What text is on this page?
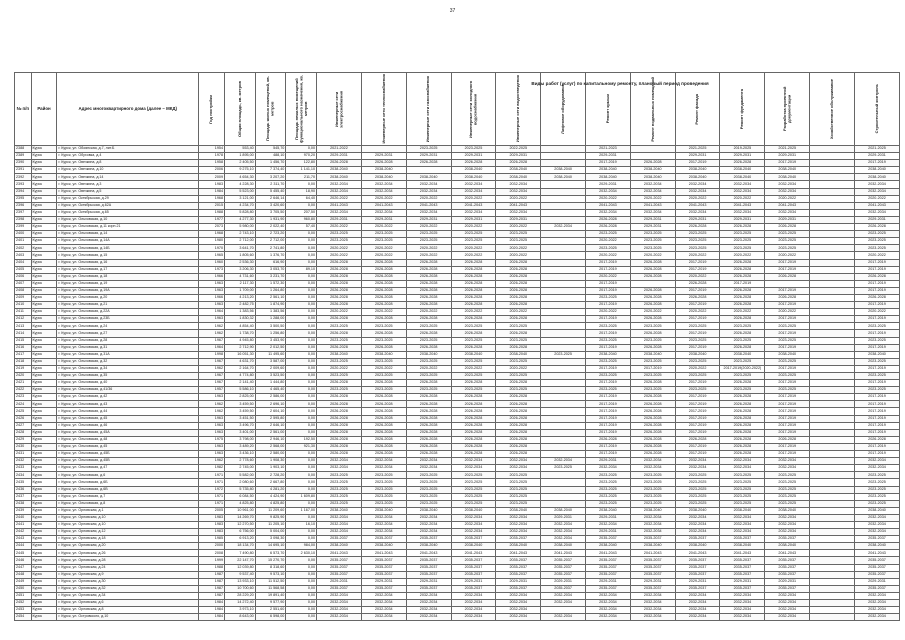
37
№ п/п	Район	Адрес многоквартирного дома (далее – МКД)	Год постройки	Общая площадь, кв. метров	Площадь жилых помещений, кв. метров	Площадь нежилых помещений функционального назначения, кв. метров	Инженерные сети электроснабжения	Инженерные сети теплоснабжения	Инженерные сети газоснабжения	Инженерные сети холодного водоснабжения	Инженерные сети водоотведения	Лифтовое оборудование	Ремонт крыши	Ремонт подвальных помещений	Ремонт фасада	Ремонт фундамента	Разработка проектной документации	Хозяйственное обслуживание	Строительный контроль

2388	Курск	г. Курск, ул. Обоянская, д.7, лит.Б	1954	553,40	545,70	0,00	2021-2022		2023-2025	2023-2025	2022-2025		2021-2023		2021-2025	2019-2025	2021-2025		2021-2025
2389	Курск	г. Курск, ул. Обуховка, д.4	1978	1 895,00	488,10	970,20	2029-2031	2029-2031	2029-2031	2029-2031	2029-2031		2029-2031		2029-2031	2029-2031	2029-2031		2029-2031
2390	Курск	г. Курск, ул. Овечкина, д.8	1958	2 405,50	1 456,70	122,80	2026-2028	2026-2028	2026-2028	2026-2028	2026-2028		2017-2019	2026-2028	2017-2019	2026-2028	2017-2019		2017-2019
2391	Курск	г. Курск, ул. Овечкина, д.10	2006	9 275,10	7 374,40	1 141,10	2038-2040	2038-2040		2038-2040	2038-2040	2038-2040	2038-2040	2038-2040	2038-2040	2038-2040	2038-2040		2038-2040
2392	Курск	г. Курск, ул. Овечкина, д.14	2009	4 654,30	3 207,20	211,70	2038-2040	2038-2040	2038-2040	2038-2040	2038-2040	2038-2040	2038-2040	2038-2040	2038-2040	2038-2040	2038-2040		2038-2040
2393	Курск	г. Курск, ул. Овечкина, д.3	1983	4 228,30	2 311,70	0,00	2032-2034	2032-2034	2032-2034	2032-2034	2032-2034		2029-2031	2032-2034	2032-2034	2032-2034	2032-2034		2032-2034
2394	Курск	г. Курск, ул. Овечкина, д.5	1984	5 523,00	5 455,40	18,90	2032-2034	2032-2034	2032-2034	2032-2034	2032-2034		2032-2034	2032-2034	2032-2034	2032-2034	2032-2034		2032-2034
2395	Курск	г. Курск, ул. Октябрьская, д.29	1968	3 121,00	2 646,14	64,40	2020-2022	2020-2022	2020-2022	2020-2022	2020-2022		2020-2022	2020-2022	2020-2022	2020-2022	2020-2022		2020-2022
2396	Курск	г. Курск, ул. Октябрьская, д.62А	2015	4 234,70	3 420,60	0,00	2041-2043	2041-2043	2041-2043	2041-2043	2041-2043		2041-2043	2041-2043	2041-2043	2041-2043	2041-2043		2041-2043
2397	Курск	г. Курск, ул. Октябрьская, д.65	1988	5 828,80	3 705,50	207,50	2032-2034	2032-2034	2032-2034	2032-2034	2032-2034		2032-2034	2032-2034	2032-2034	2032-2034	2032-2034		2032-2034
2398	Курск	г. Курск, ул. Ольховская, д.10	1977	4 277,30	1 931,90	960,80	2029-2031	2029-2031	2029-2031	2029-2031	2029-2031		2026-2028	2029-2031	2029-2031	2029-2031	2029-2031		2029-2031
2399	Курск	г. Курск, ул. Ольховская, д.11 корп.21	2073	5 980,00	2 022,40	57,40	2020-2022	2020-2022	2020-2022	2020-2022	2020-2022	2032-2034	2026-2028	2029-2031	2026-2028	2026-2028	2026-2028		2026-2028
2400	Курск	г. Курск, ул. Ольховская, д.14	1968	2 743,10	2 723,20	0,00	2023-2025	2023-2025	2023-2025	2023-2025	2023-2025		2023-2025	2023-2025	2023-2025	2023-2025	2023-2025		2023-2025
2401	Курск	г. Курск, ул. Ольховская, д.14А	1980	2 712,00	2 712,00	0,00	2023-2025	2023-2025	2023-2025	2023-2025	2023-2025		2020-2022	2023-2025	2023-2025	2023-2025	2023-2025		2023-2025
2402	Курск	г. Курск, ул. Ольховская, д.14Б	1970	3 641,70	2 741,80	0,00	2020-2022	2020-2022	2020-2022	2020-2022	2020-2022		2023-2025	2023-2025	2023-2025	2023-2025	2023-2025		2023-2025
2403	Курск	г. Курск, ул. Ольховская, д.15	1965	1 805,60	1 376,70	0,00	2020-2022	2020-2022	2020-2022	2020-2022	2020-2022		2020-2022	2020-2022	2020-2022	2020-2022	2020-2022		2020-2022
2404	Курск	г. Курск, ул. Ольховская, д.16	1960	2 536,30	616,90	0,00	2026-2028	2026-2028	2026-2028	2026-2028	2026-2028		2017-2019	2026-2028	2017-2019	2026-2028	2017-2019		2017-2019
2405	Курск	г. Курск, ул. Ольховская, д.17	1973	3 206,30	3 053,70	89,10	2026-2028	2026-2028	2026-2028	2026-2028	2026-2028		2017-2019	2026-2028	2017-2019	2026-2028	2017-2019		2017-2019
2406	Курск	г. Курск, ул. Ольховская, д.18	1966	4 731,60	3 231,70	0,00	2026-2028	2026-2028	2026-2028	2026-2028	2026-2028		2020-2022	2026-2028	2020-2022	2026-2028	2026-2028		2026-2028
2407	Курск	г. Курск, ул. Ольховская, д.19	1963	2 117,30	1 572,30	0,00	2026-2028	2026-2028	2026-2028	2026-2028	2026-2028		2017-2019		2026-2028	2017-2019			2017-2019
2408	Курск	г. Курск, ул. Ольховская, д.19А	1963	1 709,00	1 264,80	0,00	2026-2028	2026-2028	2026-2028	2026-2028	2026-2028		2017-2019	2026-2028	2017-2019	2026-2028	2017-2019		2017-2019
2409	Курск	г. Курск, ул. Ольховская, д.20	1966	4 213,20	2 561,10	0,00	2026-2028	2026-2028	2026-2028	2026-2028	2026-2028		2023-2025	2026-2028	2026-2028	2026-2028	2026-2028		2026-2028
2410	Курск	г. Курск, ул. Ольховская, д.21	1963	2 482,75	1 874,90	0,00	2026-2028	2026-2028	2026-2028	2026-2028	2026-2028		2017-2019	2026-2028	2017-2019	2026-2028	2017-2019		2017-2019
2411	Курск	г. Курск, ул. Ольховская, д.22А	1964	1 383,56	1 383,56	0,00	2020-2022	2020-2022	2020-2022	2020-2022	2020-2022		2020-2022	2020-2022	2020-2022	2020-2022	2020-2022		2020-2022
2412	Курск	г. Курск, ул. Ольховская, д.23Б	1963	1 830,32	1 288,00	0,00	2026-2028	2026-2028	2026-2028	2026-2028	2026-2028		2017-2019	2026-2028	2017-2019	2026-2028	2017-2019		2017-2019
2413	Курск	г. Курск, ул. Ольховская, д.24	1962	4 854,40	3 500,50	0,00	2023-2025	2023-2025	2023-2025	2023-2025	2023-2025		2023-2025	2023-2025	2023-2025	2023-2025	2023-2025		2023-2025
2414	Курск	г. Курск, ул. Ольховская, д.27	1962	1 738,70	1 256,80	0,00	2026-2028	2026-2028	2026-2028	2026-2028	2026-2028		2017-2019	2026-2028	2017-2019	2026-2028	2017-2019		2017-2019
2415	Курск	г. Курск, ул. Ольховская, д.28	1967	4 945,80	3 453,90	0,00	2023-2025	2023-2025	2023-2025	2023-2025	2023-2025		2023-2025	2023-2025	2023-2025	2023-2025	2023-2025		2023-2025
2416	Курск	г. Курск, ул. Ольховская, д.31	1964	2 712,90	2 012,50	0,00	2026-2028	2026-2028	2026-2028	2026-2028	2026-2028		2017-2019	2026-2028	2017-2019	2026-2028	2017-2019		2017-2019
2417	Курск	г. Курск, ул. Ольховская, д.31А	1998	16 051,30	11 495,60	0,00	2038-2040	2038-2040	2038-2040	2038-2040	2038-2040	2023-2025	2038-2040	2038-2040	2038-2040	2038-2040	2038-2040		2038-2040
2418	Курск	г. Курск, ул. Ольховская, д.32	1967	4 631,70	3 587,00	0,00	2023-2025	2023-2025	2023-2025	2023-2025	2023-2025		2023-2025	2023-2025	2023-2025	2023-2025	2023-2025		2023-2025
2419	Курск	г. Курск, ул. Ольховская, д.34	1962	2 164,70	2 009,60	0,00	2020-2022	2020-2022	2020-2022	2020-2022	2020-2022		2017-2019	2017-2019	2020-2022	2017-2019(2020-2022)	2017-2019		2017-2019
2420	Курск	г. Курск, ул. Ольховская, д.35	1967	4 774,80	3 523,50	0,00	2023-2025	2023-2025	2023-2025	2023-2025	2023-2025		2023-2025	2023-2025	2023-2025	2023-2025	2023-2025		2023-2025
2421	Курск	г. Курск, ул. Ольховская, д.40	1967	2 141,40	1 444,80	0,00	2026-2028	2026-2028	2026-2028	2026-2028	2026-2028		2017-2019	2026-2028	2017-2019	2026-2028	2017-2019		2017-2019
2422	Курск	г. Курск, ул. Ольховская, д.41/36	1957	5 586,10	4 465,40	0,00	2023-2025	2023-2025	2023-2025	2023-2025	2023-2025		2023-2025	2023-2025	2023-2025	2023-2025	2023-2025		2023-2025
2423	Курск	г. Курск, ул. Ольховская, д.42	1963	2 825,00	2 586,00	0,00	2026-2028	2026-2028	2026-2028	2026-2028	2026-2028		2017-2019	2026-2028	2017-2019	2026-2028	2017-2019		2017-2019
2424	Курск	г. Курск, ул. Ольховская, д.43	1962	3 459,50	2 696,10	0,00	2026-2028	2026-2028	2026-2028	2026-2028	2026-2028		2017-2019	2026-2028	2017-2019	2026-2028	2017-2019		2017-2019
2425	Курск	г. Курск, ул. Ольховская, д.44	1962	3 459,50	2 604,10	0,00	2026-2028	2026-2028	2026-2028	2026-2028	2026-2028		2017-2019	2026-2028	2017-2019	2026-2028	2017-2019		2017-2019
2426	Курск	г. Курск, ул. Ольховская, д.45	1963	3 451,50	2 595,80	0,00	2026-2028	2026-2028	2026-2028	2026-2028	2026-2028		2017-2019	2026-2028	2017-2019	2026-2028	2017-2019		2017-2019
2427	Курск	г. Курск, ул. Ольховская, д.46	1963	3 496,70	2 646,10	0,00	2026-2028	2026-2028	2026-2028	2026-2028	2026-2028		2017-2019	2026-2028	2017-2019	2026-2028	2017-2019		2017-2019
2428	Курск	г. Курск, ул. Ольховская, д.45А	1963	3 401,00	2 561,00	0,00	2026-2028	2026-2028	2026-2028	2026-2028	2026-2028		2017-2019	2026-2028	2017-2019	2026-2028	2017-2019		2017-2019
2429	Курск	г. Курск, ул. Ольховская, д.48	1975	3 798,00	2 946,10	192,50	2026-2028	2026-2028	2026-2028	2026-2028	2026-2028		2026-2028	2026-2028	2026-2028	2026-2028	2026-2028		2026-2028
2430	Курск	г. Курск, ул. Ольховская, д.45	1963	3 489,20	2 568,00	921,30	2026-2028	2026-2028	2026-2028	2026-2028	2026-2028		2017-2019	2026-2028	2017-2019	2026-2028	2017-2019		2017-2019
2431	Курск	г. Курск, ул. Ольховская, д.45Б	1963	3 436,10	2 580,00	0,00	2026-2028	2026-2028	2026-2028	2026-2028	2026-2028		2017-2019	2026-2028	2017-2019	2026-2028	2017-2019		2017-2019
2432	Курск	г. Курск, ул. Ольховская, д.45В	1962	2 778,60	1 908,30	0,00	2032-2034	2032-2034	2032-2034	2032-2034	2032-2034	2032-2034	2029-2031	2032-2034	2032-2034	2032-2034	2032-2034		2032-2034
2433	Курск	г. Курск, ул. Ольховская, д.47	1982	2 745,00	1 903,10	0,00	2032-2034	2032-2034	2032-2034	2032-2034	2032-2034	2023-2025	2032-2034	2032-2034	2032-2034	2032-2034	2032-2034		2032-2034
2434	Курск	г. Курск, ул. Ольховская, д.6	1971	5 582,00	2 728,20	0,00	2023-2025	2023-2025	2023-2025	2023-2025	2023-2025		2023-2025	2023-2025	2023-2025	2023-2025	2023-2025		2023-2025
2435	Курск	г. Курск, ул. Ольховская, д.6Б	1971	2 080,60	2 667,80	0,00	2023-2025	2023-2025	2023-2025	2023-2025	2023-2025		2023-2025	2023-2025	2023-2025	2023-2025	2023-2025		2023-2025
2436	Курск	г. Курск, ул. Ольховская, д.6В	1972	5 735,80	4 281,20	0,00	2023-2025	2023-2025	2023-2025	2023-2025	2023-2025		2023-2025	2023-2025	2023-2025	2023-2025	2023-2025		2023-2025
2437	Курск	г. Курск, ул. Ольховская, д.7	1971	6 084,50	4 424,90	1 609,80	2023-2025	2023-2025	2023-2025	2023-2025	2023-2025		2023-2025	2023-2025	2023-2025	2023-2025	2023-2025		2023-2025
2438	Курск	г. Курск, ул. Ольховская, д.8	1971	4 825,80	4 825,80	0,00	2023-2025	2023-2025	2023-2025	2023-2025	2023-2025		2023-2025	2023-2025	2023-2025	2023-2025	2023-2025		2023-2025
2439	Курск	г. Курск, ул. Орловская, д.1	2005	10 961,00	11 209,60	1 167,00	2038-2040	2038-2040	2038-2040	2038-2040	2038-2040	2038-2040	2038-2040	2038-2040	2038-2040	2038-2040	2038-2040		2038-2040
2440	Курск	г. Курск, ул. Орловская, д.10	1983	14 269,70	9 825,90	0,00	2032-2034	2032-2034	2032-2034	2032-2034	2032-2034	2029-2031	2029-2031	2032-2034	2032-2034	2032-2034	2032-2034		2032-2034
2441	Курск	г. Курск, ул. Орловская, д.10	1983	12 270,50	11 205,10	16,10	2032-2034	2032-2034	2032-2034	2032-2034	2032-2034	2032-2034	2032-2034	2032-2034	2032-2034	2032-2034	2032-2034		2032-2034
2442	Курск	г. Курск, ул. Орловская, д.12	1983	6 756,00	5 004,00	0,00	2032-2034	2032-2034	2032-2034	2032-2034	2032-2034	2032-2034	2029-2031	2032-2034	2032-2034	2032-2034	2032-2034		2032-2034
2443	Курск	г. Курск, ул. Орловская, д.18	1985	6 913,20	3 098,30	0,00	2035-2037	2035-2037	2035-2037	2035-2037	2035-2037	2032-2034	2035-2037	2035-2037	2035-2037	2035-2037	2035-2037		2035-2037
2444	Курск	г. Курск, ул. Орловская, д.20	2000	18 134,70	14 695,10	984,00	2038-2040	2038-2040	2038-2040	2038-2040	2038-2040	2038-2040	2038-2040	2038-2040	2038-2040	2038-2040	2038-2040		2038-2040
2445	Курск	г. Курск, ул. Орловская, д.26	2008	7 490,80	6 573,70	2 630,10	2041-2043	2041-2043	2041-2043	2041-2043	2041-2043	2041-2043	2041-2043	2041-2043	2041-2043	2041-2043	2041-2043		2041-2043
2446	Курск	г. Курск, ул. Орловская, д.28	1999	22 147,70	15 270,70	0,00	2035-2037	2035-2037	2035-2037	2035-2037	2035-2037	2035-2037	2035-2037	2035-2037	2035-2037	2035-2037	2035-2037		2035-2037
2447	Курск	г. Курск, ул. Орловская, д.24	1988	12 039,80	8 318,60	0,00	2035-2037	2035-2037	2035-2037	2035-2037	2035-2037	2035-2037	2035-2037	2035-2037	2035-2037	2035-2037	2035-2037		2035-2037
2448	Курск	г. Курск, ул. Орловская, д.9	1987	9 537,40	9 573,10	0,00	2035-2037	2035-2037	2035-2037	2035-2037	2035-2037	2035-2037	2035-2037	2035-2037	2035-2037	2035-2037	2035-2037		2035-2037
2449	Курск	г. Курск, ул. Орловская, д.30	1987	13 933,10	11 512,50	0,00	2029-2031	2029-2031	2029-2031	2029-2031	2029-2031	2029-2031	2029-2031	2029-2031	2029-2031	2029-2031	2029-2031		2029-2031
2450	Курск	г. Курск, ул. Орловская, д.32	1987	10 700,60	11 568,58	0,00	2035-2037	2035-2037	2035-2037	2035-2037	2035-2037	2035-2037	2035-2037	2035-2037	2035-2037	2035-2037	2035-2037		2035-2037
2451	Курск	г. Курск, ул. Орловская, д.34	1987	28 229,20	19 891,40	0,00	2032-2034	2032-2034	2032-2034	2032-2034	2032-2034	2032-2034	2032-2034	2032-2034	2032-2034	2032-2034	2032-2034		2032-2034
2452	Курск	г. Курск, ул. Орловская, д.6	1984	14 272,40	9 577,90	0,00	2032-2034	2032-2034	2032-2034	2032-2034	2032-2034	2032-2034	2032-2034	2032-2034	2032-2034	2032-2034	2032-2034		2032-2034
2453	Курск	г. Курск, ул. Орловская, д.8	1984	3 973,10	2 551,60	0,00	2032-2034	2032-2034	2032-2034	2032-2034	2032-2034		2032-2034	2032-2034	2032-2034	2032-2034	2032-2034		2032-2034
2454	Курск	г. Курск, ул. Островского, д.10	1984	8 643,00	6 598,00	0,00	2032-2034	2032-2034	2032-2034	2032-2034	2032-2034	2032-2034	2032-2034	2032-2034	2032-2034	2032-2034	2032-2034		2032-2034
Виды работ (услуг) по капитальному ремонту, плановый период проведения
